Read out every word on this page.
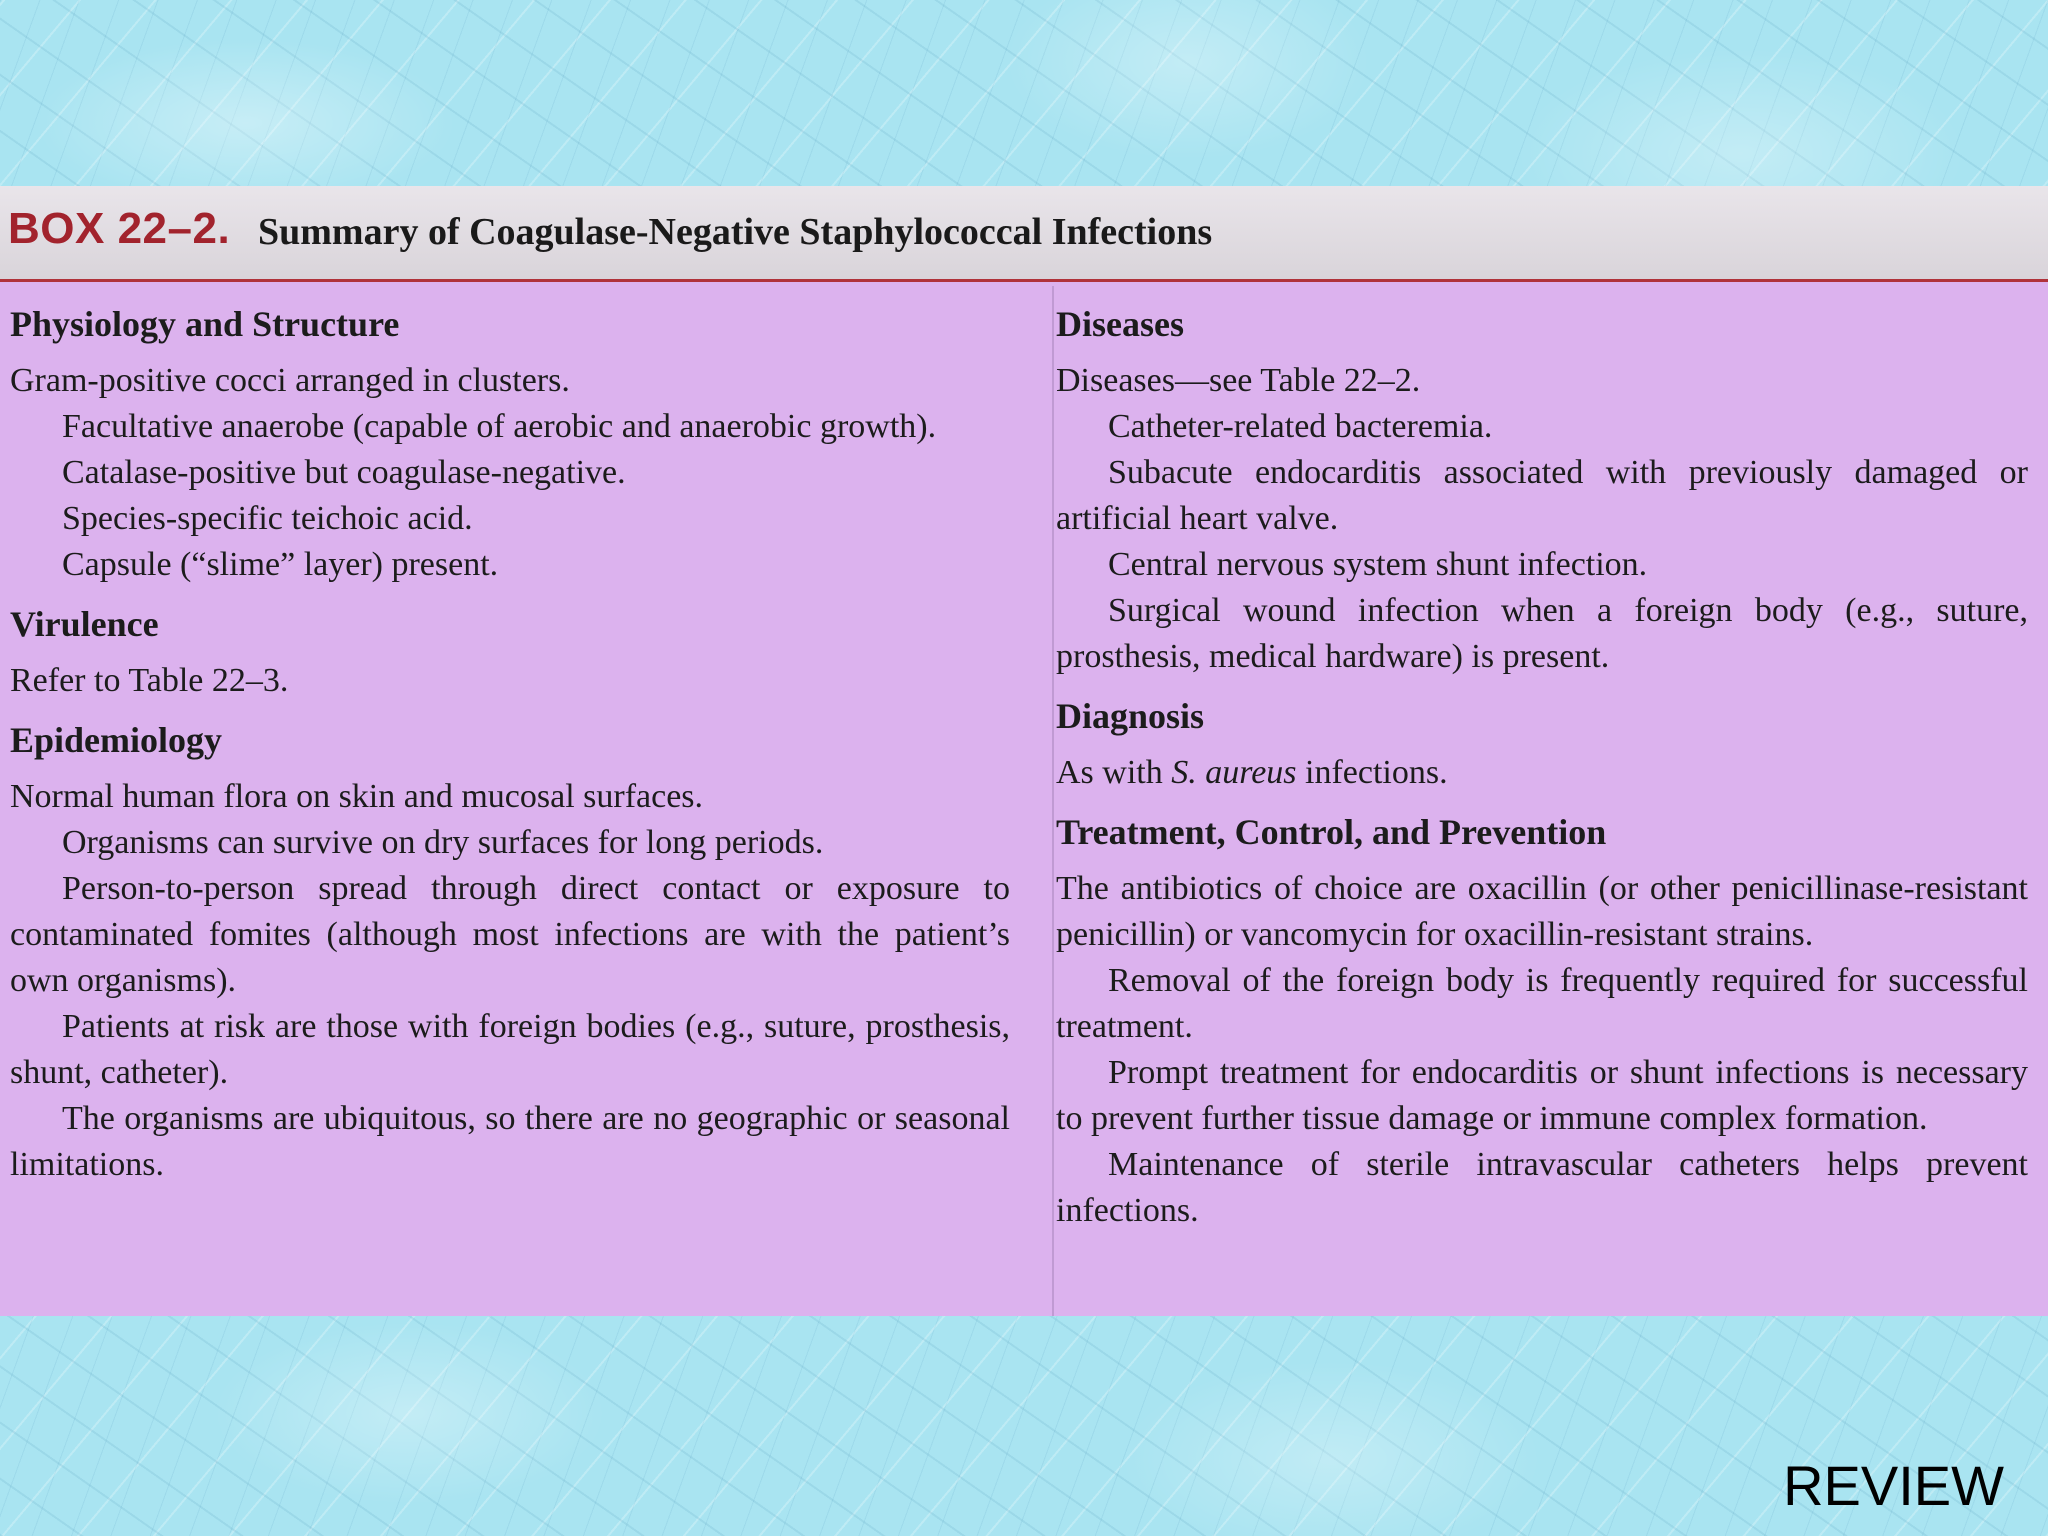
BOX 22–2. Summary of Coagulase-Negative Staphylococcal Infections
Physiology and Structure

Gram-positive cocci arranged in clusters.

Facultative anaerobe (capable of aerobic and anaerobic growth).

Catalase-positive but coagulase-negative.

Species-specific teichoic acid.

Capsule (“slime” layer) present.

Virulence

Refer to Table 22–3.

Epidemiology

Normal human flora on skin and mucosal surfaces.

Organisms can survive on dry surfaces for long periods.

Person-to-person spread through direct contact or exposure to contaminated fomites (although most infections are with the patient’s own organisms).

Patients at risk are those with foreign bodies (e.g., suture, prosthesis, shunt, catheter).

The organisms are ubiquitous, so there are no geographic or seasonal limitations.

Diseases

Diseases—see Table 22–2.

Catheter-related bacteremia.

Subacute endocarditis associated with previously damaged or artificial heart valve.

Central nervous system shunt infection.

Surgical wound infection when a foreign body (e.g., suture, prosthesis, medical hardware) is present.

Diagnosis

As with S. aureus infections.

Treatment, Control, and Prevention

The antibiotics of choice are oxacillin (or other penicillinase-resistant penicillin) or vancomycin for oxacillin-resistant strains.

Removal of the foreign body is frequently required for successful treatment.

Prompt treatment for endocarditis or shunt infections is necessary to prevent further tissue damage or immune complex formation.

Maintenance of sterile intravascular catheters helps prevent infections.

REVIEW
